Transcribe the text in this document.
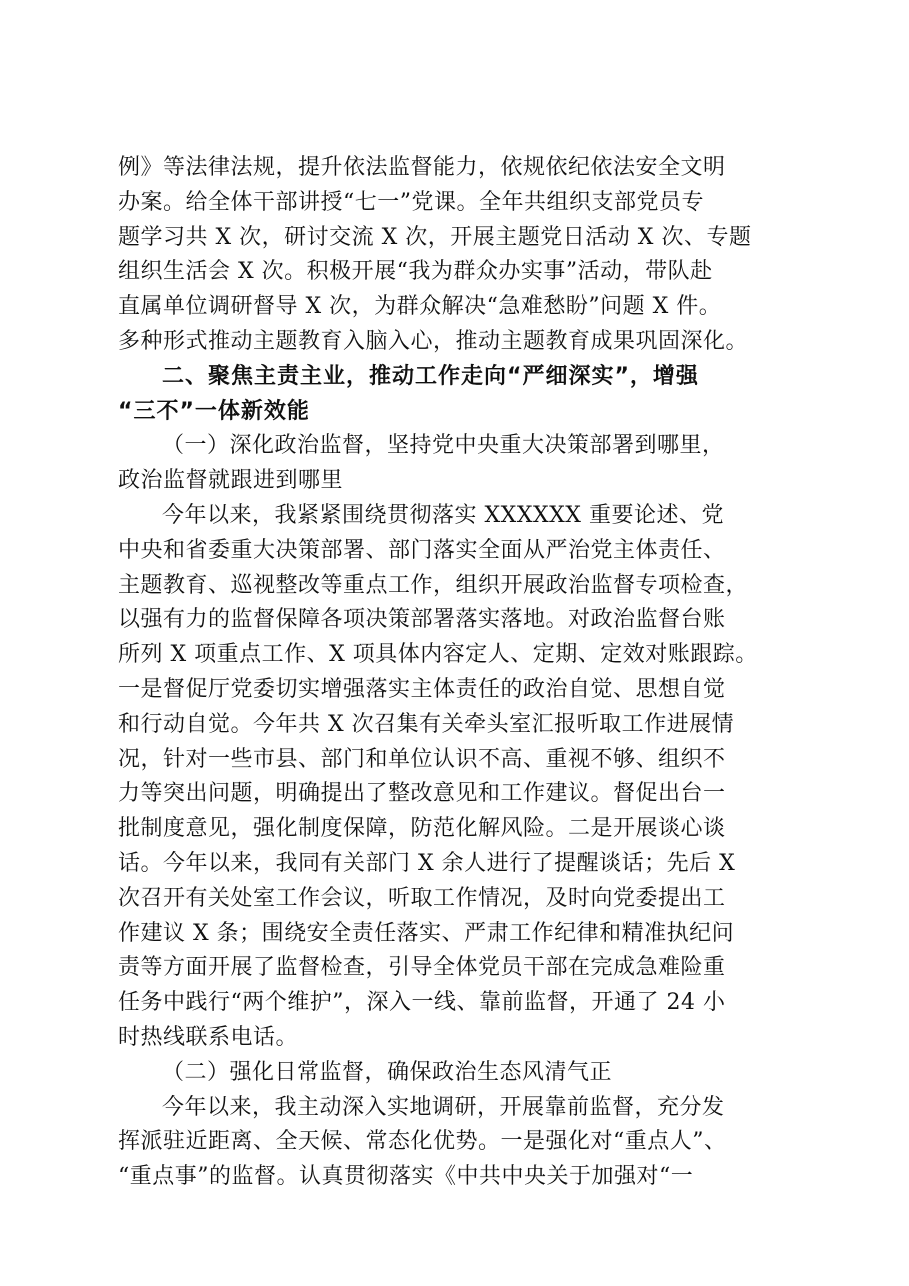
例》等法律法规，提升依法监督能力，依规依纪依法安全文明
办案。给全体干部讲授“七一”党课。全年共组织支部党员专
题学习共 X 次，研讨交流 X 次，开展主题党日活动 X 次、专题
组织生活会 X 次。积极开展“我为群众办实事”活动，带队赴
直属单位调研督导 X 次，为群众解决“急难愁盼”问题 X 件。
多种形式推动主题教育入脑入心，推动主题教育成果巩固深化。
二、聚焦主责主业，推动工作走向“严细深实”，增强
“三不”一体新效能
（一）深化政治监督，坚持党中央重大决策部署到哪里，
政治监督就跟进到哪里
今年以来，我紧紧围绕贯彻落实 XXXXXX 重要论述、党
中央和省委重大决策部署、部门落实全面从严治党主体责任、
主题教育、巡视整改等重点工作，组织开展政治监督专项检查，
以强有力的监督保障各项决策部署落实落地。对政治监督台账
所列 X 项重点工作、X 项具体内容定人、定期、定效对账跟踪。
一是督促厅党委切实增强落实主体责任的政治自觉、思想自觉
和行动自觉。今年共 X 次召集有关牵头室汇报听取工作进展情
况，针对一些市县、部门和单位认识不高、重视不够、组织不
力等突出问题，明确提出了整改意见和工作建议。督促出台一
批制度意见，强化制度保障，防范化解风险。二是开展谈心谈
话。今年以来，我同有关部门 X 余人进行了提醒谈话；先后 X
次召开有关处室工作会议，听取工作情况，及时向党委提出工
作建议 X 条；围绕安全责任落实、严肃工作纪律和精准执纪问
责等方面开展了监督检查，引导全体党员干部在完成急难险重
任务中践行“两个维护”，深入一线、靠前监督，开通了 24 小
时热线联系电话。
（二）强化日常监督，确保政治生态风清气正
今年以来，我主动深入实地调研，开展靠前监督，充分发
挥派驻近距离、全天候、常态化优势。一是强化对“重点人”、
“重点事”的监督。认真贯彻落实《中共中央关于加强对“一
